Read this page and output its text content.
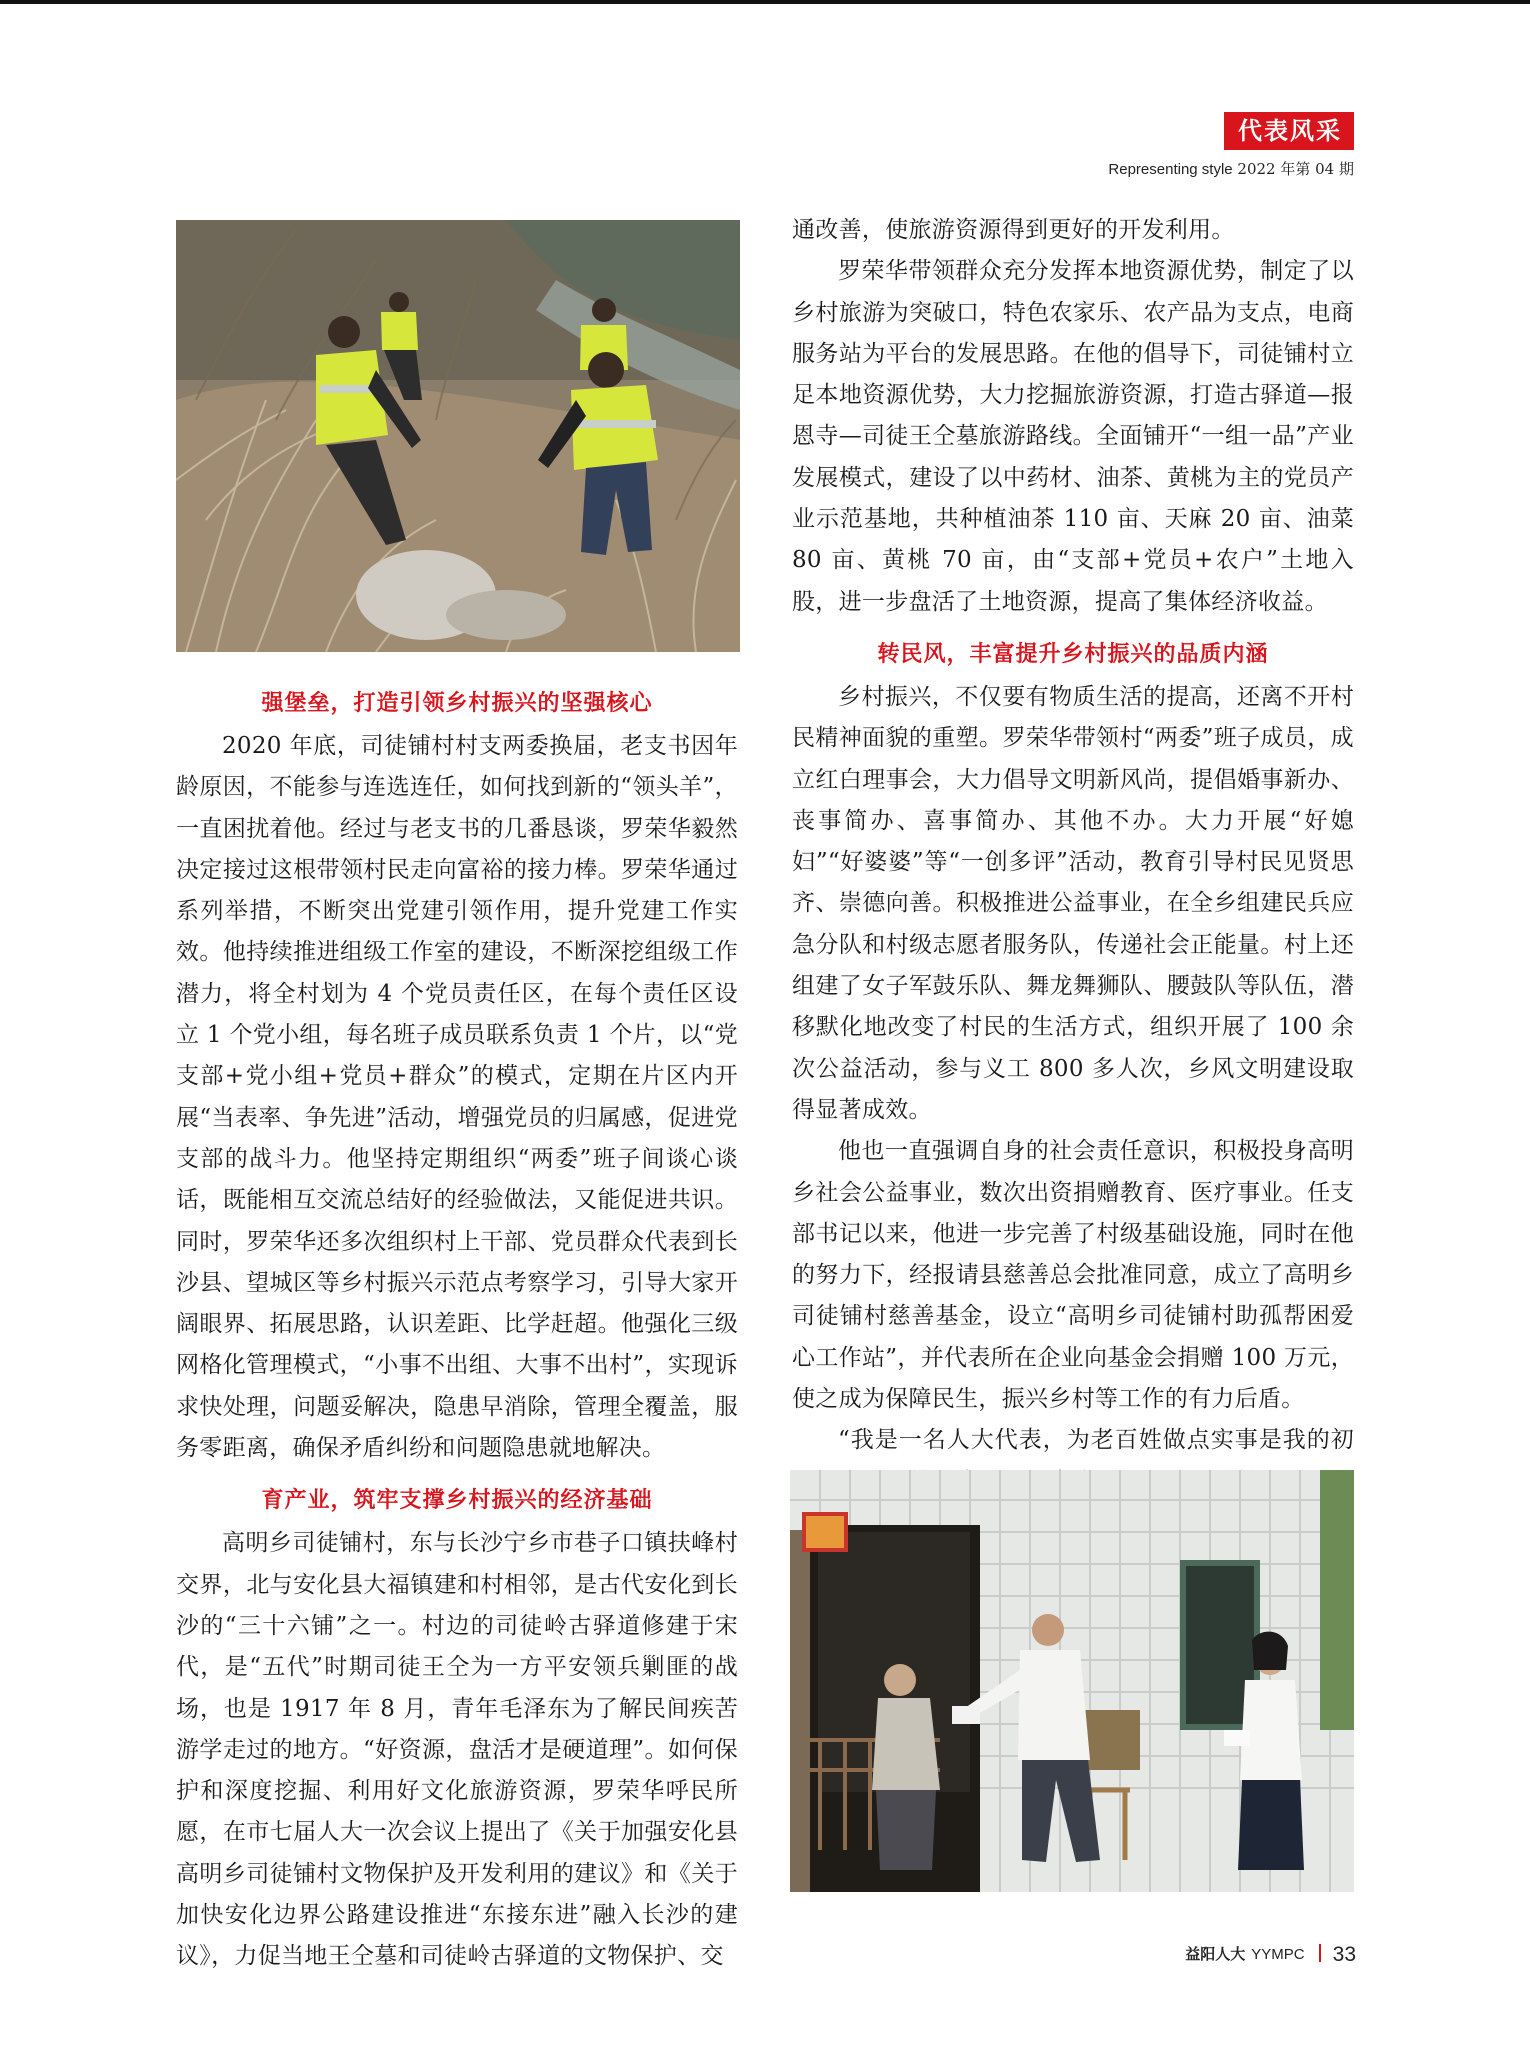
代表风采
Representing style 2022 年第 04 期
强堡垒，打造引领乡村振兴的坚强核心

2020 年底，司徒铺村村支两委换届，老支书因年龄原因，不能参与连选连任，如何找到新的“领头羊”，一直困扰着他。经过与老支书的几番恳谈，罗荣华毅然决定接过这根带领村民走向富裕的接力棒。罗荣华通过系列举措，不断突出党建引领作用，提升党建工作实效。他持续推进组级工作室的建设，不断深挖组级工作潜力，将全村划为 4 个党员责任区，在每个责任区设立 1 个党小组，每名班子成员联系负责 1 个片，以“党支部+党小组+党员+群众”的模式，定期在片区内开展“当表率、争先进”活动，增强党员的归属感，促进党支部的战斗力。他坚持定期组织“两委”班子间谈心谈话，既能相互交流总结好的经验做法，又能促进共识。同时，罗荣华还多次组织村上干部、党员群众代表到长沙县、望城区等乡村振兴示范点考察学习，引导大家开阔眼界、拓展思路，认识差距、比学赶超。他强化三级网格化管理模式，“小事不出组、大事不出村”，实现诉求快处理，问题妥解决，隐患早消除，管理全覆盖，服务零距离，确保矛盾纠纷和问题隐患就地解决。

育产业，筑牢支撑乡村振兴的经济基础

高明乡司徒铺村，东与长沙宁乡市巷子口镇扶峰村交界，北与安化县大福镇建和村相邻，是古代安化到长沙的“三十六铺”之一。村边的司徒岭古驿道修建于宋代，是“五代”时期司徒王仝为一方平安领兵剿匪的战场，也是 1917 年 8 月，青年毛泽东为了解民间疾苦游学走过的地方。“好资源，盘活才是硬道理”。如何保护和深度挖掘、利用好文化旅游资源，罗荣华呼民所愿，在市七届人大一次会议上提出了《关于加强安化县高明乡司徒铺村文物保护及开发利用的建议》和《关于加快安化边界公路建设推进“东接东进”融入长沙的建议》，力促当地王仝墓和司徒岭古驿道的文物保护、交

通改善，使旅游资源得到更好的开发利用。

罗荣华带领群众充分发挥本地资源优势，制定了以乡村旅游为突破口，特色农家乐、农产品为支点，电商服务站为平台的发展思路。在他的倡导下，司徒铺村立足本地资源优势，大力挖掘旅游资源，打造古驿道—报恩寺—司徒王仝墓旅游路线。全面铺开“一组一品”产业发展模式，建设了以中药材、油茶、黄桃为主的党员产业示范基地，共种植油茶 110 亩、天麻 20 亩、油菜 80 亩、黄桃 70 亩，由“支部+党员+农户”土地入股，进一步盘活了土地资源，提高了集体经济收益。

转民风，丰富提升乡村振兴的品质内涵

乡村振兴，不仅要有物质生活的提高，还离不开村民精神面貌的重塑。罗荣华带领村“两委”班子成员，成立红白理事会，大力倡导文明新风尚，提倡婚事新办、丧事简办、喜事简办、其他不办。大力开展“好媳妇”“好婆婆”等“一创多评”活动，教育引导村民见贤思齐、崇德向善。积极推进公益事业，在全乡组建民兵应急分队和村级志愿者服务队，传递社会正能量。村上还组建了女子军鼓乐队、舞龙舞狮队、腰鼓队等队伍，潜移默化地改变了村民的生活方式，组织开展了 100 余次公益活动，参与义工 800 多人次，乡风文明建设取得显著成效。

他也一直强调自身的社会责任意识，积极投身高明乡社会公益事业，数次出资捐赠教育、医疗事业。任支部书记以来，他进一步完善了村级基础设施，同时在他的努力下，经报请县慈善总会批准同意，成立了高明乡司徒铺村慈善基金，设立“高明乡司徒铺村助孤帮困爱心工作站”，并代表所在企业向基金会捐赠 100 万元，使之成为保障民生，振兴乡村等工作的有力后盾。

“我是一名人大代表，为老百姓做点实事是我的初

益阳人大 YYMPC 33
